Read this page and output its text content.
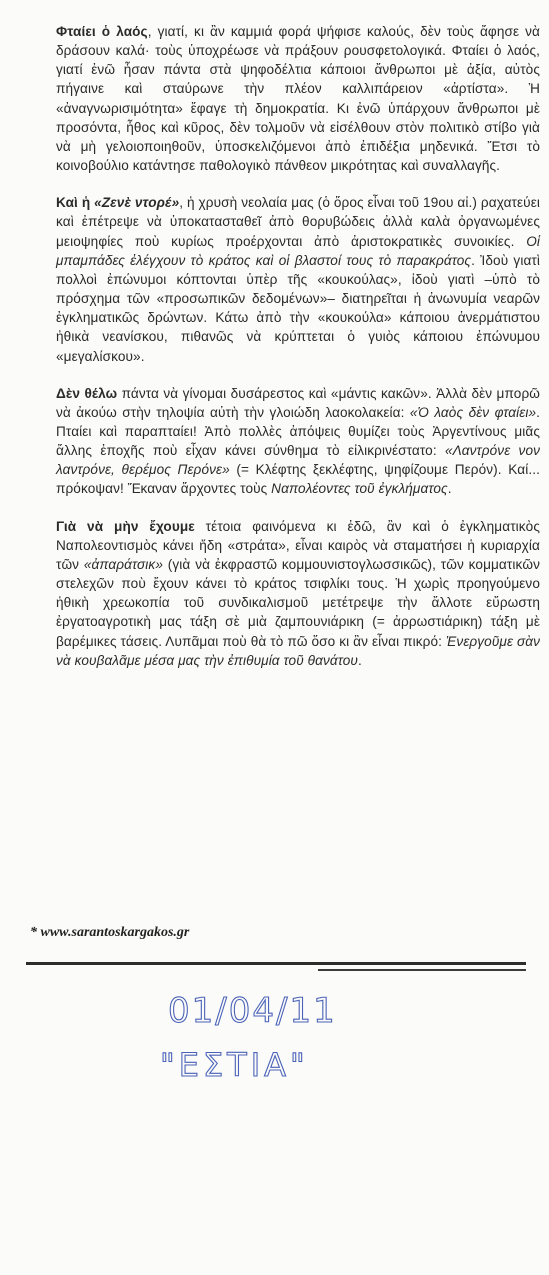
Φταίει ὁ λαός, γιατί, κι ἂν καμμιά φορά ψήφισε καλούς, δὲν τοὺς ἄφησε νὰ δράσουν καλά· τοὺς ὑποχρέωσε νὰ πράξουν ρουσφετολογικά. Φταίει ὁ λαός, γιατί ἐνῶ ἦσαν πάντα στὰ ψηφοδέλτια κάποιοι ἄνθρωποι μὲ ἀξία, αὐτὸς πήγαινε καὶ σταύρωνε τὴν πλέον καλλιπάρειον «ἀρτίστα». Ἡ «ἀναγνωρισιμότητα» ἔφαγε τὴ δημοκρατία. Κι ἐνῶ ὑπάρχουν ἄνθρωποι μὲ προσόντα, ἦθος καὶ κῦρος, δὲν τολμοῦν νὰ εἰσέλθουν στὸν πολιτικὸ στίβο γιὰ νὰ μὴ γελοιοποιηθοῦν, ὑποσκελιζόμενοι ἀπὸ ἐπιδέξια μηδενικά. Ἔτσι τὸ κοινοβούλιο κατάντησε παθολογικὸ πάνθεον μικρότητας καὶ συναλλαγῆς.

Καὶ ἡ «Ζενὲ ντορέ», ἡ χρυσὴ νεολαία μας (ὁ ὅρος εἶναι τοῦ 19ου αἰ.) ραχατεύει καὶ ἐπέτρεψε νὰ ὑποκατασταθεῖ ἀπὸ θορυβώδεις ἀλλὰ καλὰ ὀργανωμένες μειοψηφίες ποὺ κυρίως προέρχονται ἀπὸ ἀριστοκρατικὲς συνοικίες. Οἱ μπαμπάδες ἐλέγχουν τὸ κράτος καὶ οἱ βλαστοί τους τὸ παρακράτος. Ἰδοὺ γιατὶ πολλοὶ ἐπώνυμοι κόπτονται ὑπὲρ τῆς «κουκούλας», ἰδοὺ γιατὶ –ὑπὸ τὸ πρόσχημα τῶν «προσωπικῶν δεδομένων»– διατηρεῖται ἡ ἀνωνυμία νεαρῶν ἐγκληματικῶς δρώντων. Κάτω ἀπὸ τὴν «κουκούλα» κάποιου ἀνερμάτιστου ἠθικὰ νεανίσκου, πιθανῶς νὰ κρύπτεται ὁ γυιὸς κάποιου ἐπώνυμου «μεγαλίσκου».

Δὲν θέλω πάντα νὰ γίνομαι δυσάρεστος καὶ «μάντις κακῶν». Ἀλλὰ δὲν μπορῶ νὰ ἀκούω στὴν τηλοψία αὐτὴ τὴν γλοιώδη λαοκολακεία: «Ὁ λαὸς δὲν φταίει». Πταίει καὶ παραπταίει! Ἀπὸ πολλὲς ἀπόψεις θυμίζει τοὺς Ἀργεντίνους μιᾶς ἄλλης ἐποχῆς ποὺ εἶχαν κάνει σύνθημα τὸ εἰλικρινέστατο: «Λαντρόνε νον λαντρόνε, θερέμος Περόνε» (= Κλέφτης ξεκλέφτης, ψηφίζουμε Περόν). Καί... πρόκοψαν! Ἔκαναν ἄρχοντες τοὺς Ναπολέοντες τοῦ ἐγκλήματος.

Γιὰ νὰ μὴν ἔχουμε τέτοια φαινόμενα κι ἐδῶ, ἂν καὶ ὁ ἐγκληματικὸς Ναπολεοντισμὸς κάνει ἤδη «στράτα», εἶναι καιρὸς νὰ σταματήσει ἡ κυριαρχία τῶν «ἀπαράτσικ» (γιὰ νὰ ἐκφραστῶ κομμουνιστογλωσσικῶς), τῶν κομματικῶν στελεχῶν ποὺ ἔχουν κάνει τὸ κράτος τσιφλίκι τους. Ἡ χωρὶς προηγούμενο ἠθικὴ χρεωκοπία τοῦ συνδικαλισμοῦ μετέτρεψε τὴν ἄλλοτε εὔρωστη ἐργατοαγροτικὴ μας τάξη σὲ μιὰ ζαμπουνιάρικη (= ἀρρωστιάρικη) τάξη μὲ βαρέμικες τάσεις. Λυπᾶμαι ποὺ θὰ τὸ πῶ ὅσο κι ἂν εἶναι πικρό: Ἐνεργοῦμε σὰν νὰ κουβαλᾶμε μέσα μας τὴν ἐπιθυμία τοῦ θανάτου.

* www.sarantoskargakos.gr
01/04/11
"ΕΣΤΙΑ"
